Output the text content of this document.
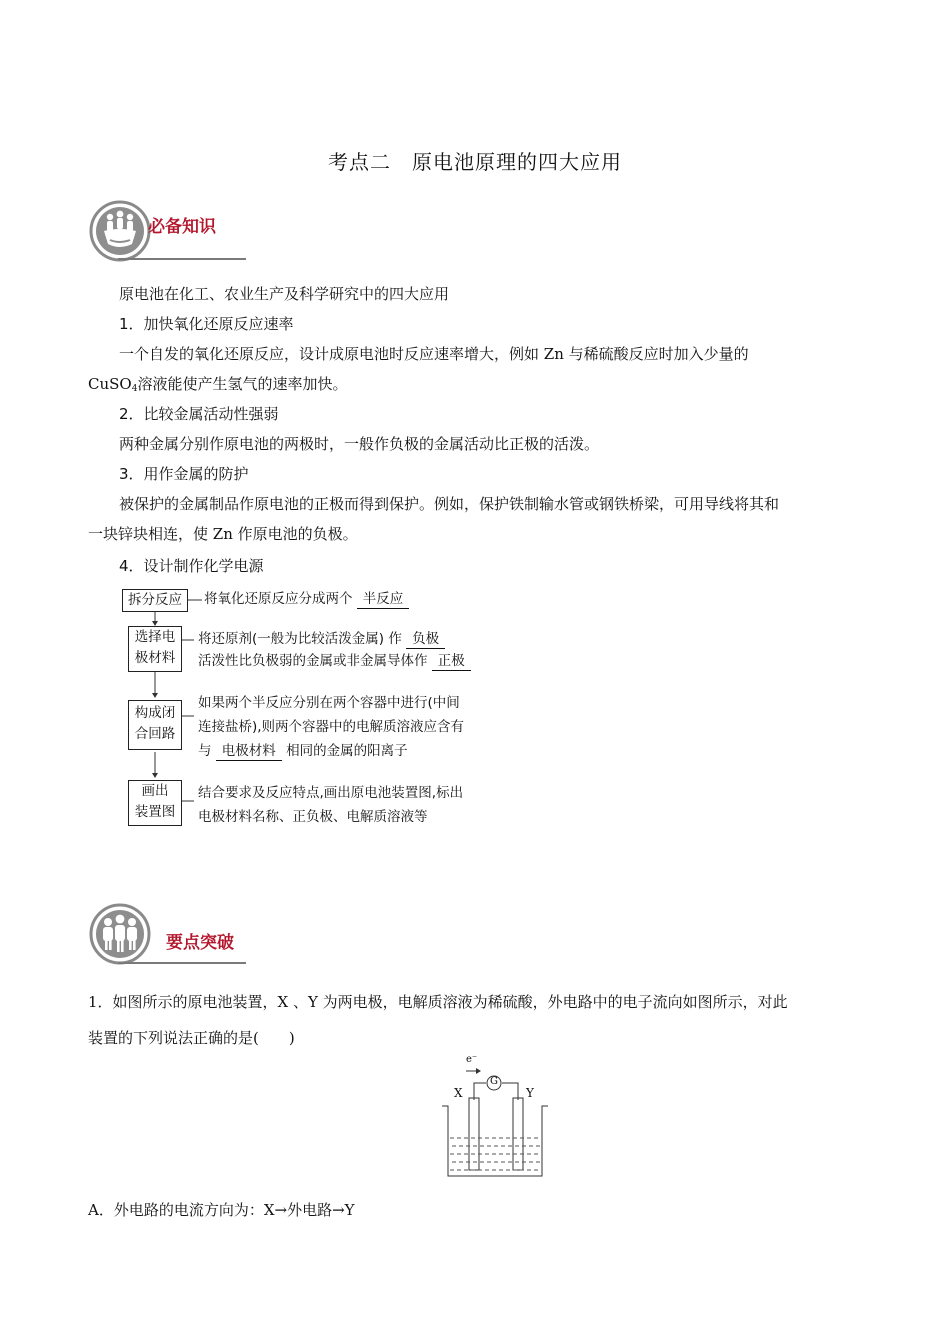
考点二　原电池原理的四大应用
必备知识
原电池在化工、农业生产及科学研究中的四大应用
1．加快氧化还原反应速率
一个自发的氧化还原反应，设计成原电池时反应速率增大，例如 Zn 与稀硫酸反应时加入少量的
CuSO$_4$溶液能使产生氢气的速率加快。
2．比较金属活动性强弱
两种金属分别作原电池的两极时，一般作负极的金属活动比正极的活泼。
3．用作金属的防护
被保护的金属制品作原电池的正极而得到保护。例如，保护铁制输水管或钢铁桥梁，可用导线将其和
一块锌块相连，使 Zn 作原电池的负极。
4．设计制作化学电源
拆分反应	将氧化还原反应分成两个 半反应
选择电
极材料
将还原剂(一般为比较活泼金属) 作 负极
活泼性比负极弱的金属或非金属导体作 正极
构成闭
合回路
如果两个半反应分别在两个容器中进行(中间
连接盐桥),则两个容器中的电解质溶液应含有
与 电极材料 相同的金属的阳离子
画出
装置图
结合要求及反应特点,画出原电池装置图,标出
电极材料名称、正负极、电解质溶液等
要点突破
1．如图所示的原电池装置，X 、Y 为两电极，电解质溶液为稀硫酸，外电路中的电子流向如图所示，对此
装置的下列说法正确的是(　　)
e⁻
G
X	Y
A．外电路的电流方向为：X→外电路→Y
